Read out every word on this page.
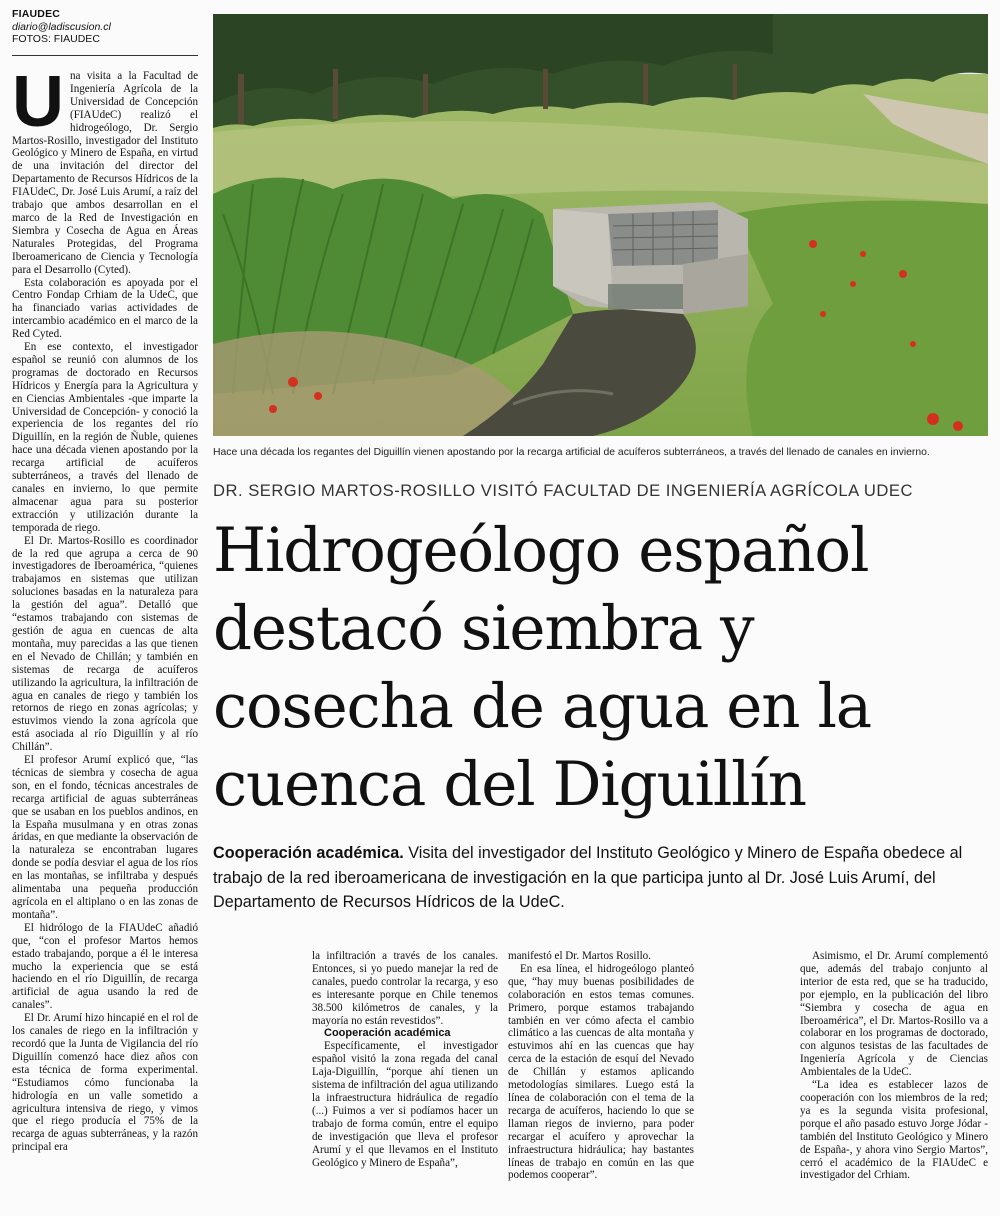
FIAUDEC
diario@ladiscusion.cl
FOTOS: FIAUDEC

Una visita a la Facultad de Ingeniería Agrícola de la Universidad de Concepción (FIAUdeC) realizó el hidrogeólogo, Dr. Sergio Martos-Rosillo, investigador del Instituto Geológico y Minero de España, en virtud de una invitación del director del Departamento de Recursos Hídricos de la FIAUdeC, Dr. José Luis Arumí, a raíz del trabajo que ambos desarrollan en el marco de la Red de Investigación en Siembra y Cosecha de Agua en Áreas Naturales Protegidas, del Programa Iberoamericano de Ciencia y Tecnología para el Desarrollo (Cyted).

Esta colaboración es apoyada por el Centro Fondap Crhiam de la UdeC, que ha financiado varias actividades de intercambio académico en el marco de la Red Cyted.

En ese contexto, el investigador español se reunió con alumnos de los programas de doctorado en Recursos Hídricos y Energía para la Agricultura y en Ciencias Ambientales -que imparte la Universidad de Concepción- y conoció la experiencia de los regantes del río Diguillín, en la región de Ñuble, quienes hace una década vienen apostando por la recarga artificial de acuíferos subterráneos, a través del llenado de canales en invierno, lo que permite almacenar agua para su posterior extracción y utilización durante la temporada de riego.

El Dr. Martos-Rosillo es coordinador de la red que agrupa a cerca de 90 investigadores de Iberoamérica, “quienes trabajamos en sistemas que utilizan soluciones basadas en la naturaleza para la gestión del agua”. Detalló que “estamos trabajando con sistemas de gestión de agua en cuencas de alta montaña, muy parecidas a las que tienen en el Nevado de Chillán; y también en sistemas de recarga de acuíferos utilizando la agricultura, la infiltración de agua en canales de riego y también los retornos de riego en zonas agrícolas; y estuvimos viendo la zona agrícola que está asociada al río Diguillín y al río Chillán”.

El profesor Arumí explicó que, “las técnicas de siembra y cosecha de agua son, en el fondo, técnicas ancestrales de recarga artificial de aguas subterráneas que se usaban en los pueblos andinos, en la España musulmana y en otras zonas áridas, en que mediante la observación de la naturaleza se encontraban lugares donde se podía desviar el agua de los ríos en las montañas, se infiltraba y después alimentaba una pequeña producción agrícola en el altiplano o en las zonas de montaña”.

El hidrólogo de la FIAUdeC añadió que, “con el profesor Martos hemos estado trabajando, porque a él le interesa mucho la experiencia que se está haciendo en el río Diguillín, de recarga artificial de agua usando la red de canales”.

El Dr. Arumí hizo hincapié en el rol de los canales de riego en la infiltración y recordó que la Junta de Vigilancia del río Diguillín comenzó hace diez años con esta técnica de forma experimental. “Estudiamos cómo funcionaba la hidrología en un valle sometido a agricultura intensiva de riego, y vimos que el riego producía el 75% de la recarga de aguas subterráneas, y la razón principal era

Hace una década los regantes del Diguillín vienen apostando por la recarga artificial de acuíferos subterráneos, a través del llenado de canales en invierno.
DR. SERGIO MARTOS-ROSILLO VISITÓ FACULTAD DE INGENIERÍA AGRÍCOLA UDEC
Hidrogeólogo español
destacó siembra y
cosecha de agua en la
cuenca del Diguillín
Cooperación académica. Visita del investigador del Instituto Geológico y Minero de España obedece al trabajo de la red iberoamericana de investigación en la que participa junto al Dr. José Luis Arumí, del Departamento de Recursos Hídricos de la UdeC.

la infiltración a través de los canales. Entonces, si yo puedo manejar la red de canales, puedo controlar la recarga, y eso es interesante porque en Chile tenemos 38.500 kilómetros de canales, y la mayoría no están revestidos”.

Cooperación académica

Específicamente, el investigador español visitó la zona regada del canal Laja-Diguillín, “porque ahí tienen un sistema de infiltración del agua utilizando la infraestructura hidráulica de regadío (...) Fuimos a ver si podíamos hacer un trabajo de forma común, entre el equipo de investigación que lleva el profesor Arumí y el que llevamos en el Instituto Geológico y Minero de España”,

manifestó el Dr. Martos Rosillo.

En esa línea, el hidrogeólogo planteó que, “hay muy buenas posibilidades de colaboración en estos temas comunes. Primero, porque estamos trabajando también en ver cómo afecta el cambio climático a las cuencas de alta montaña y estuvimos ahí en las cuencas que hay cerca de la estación de esquí del Nevado de Chillán y estamos aplicando metodologías similares. Luego está la línea de colaboración con el tema de la recarga de acuíferos, haciendo lo que se llaman riegos de invierno, para poder recargar el acuífero y aprovechar la infraestructura hidráulica; hay bastantes líneas de trabajo en común en las que podemos cooperar”.

Asimismo, el Dr. Arumí complementó que, además del trabajo conjunto al interior de esta red, que se ha traducido, por ejemplo, en la publicación del libro “Siembra y cosecha de agua en Iberoamérica”, el Dr. Martos-Rosillo va a colaborar en los programas de doctorado, con algunos tesistas de las facultades de Ingeniería Agrícola y de Ciencias Ambientales de la UdeC.

“La idea es establecer lazos de cooperación con los miembros de la red; ya es la segunda visita profesional, porque el año pasado estuvo Jorge Jódar -también del Instituto Geológico y Minero de España-, y ahora vino Sergio Martos”, cerró el académico de la FIAUdeC e investigador del Crhiam.
